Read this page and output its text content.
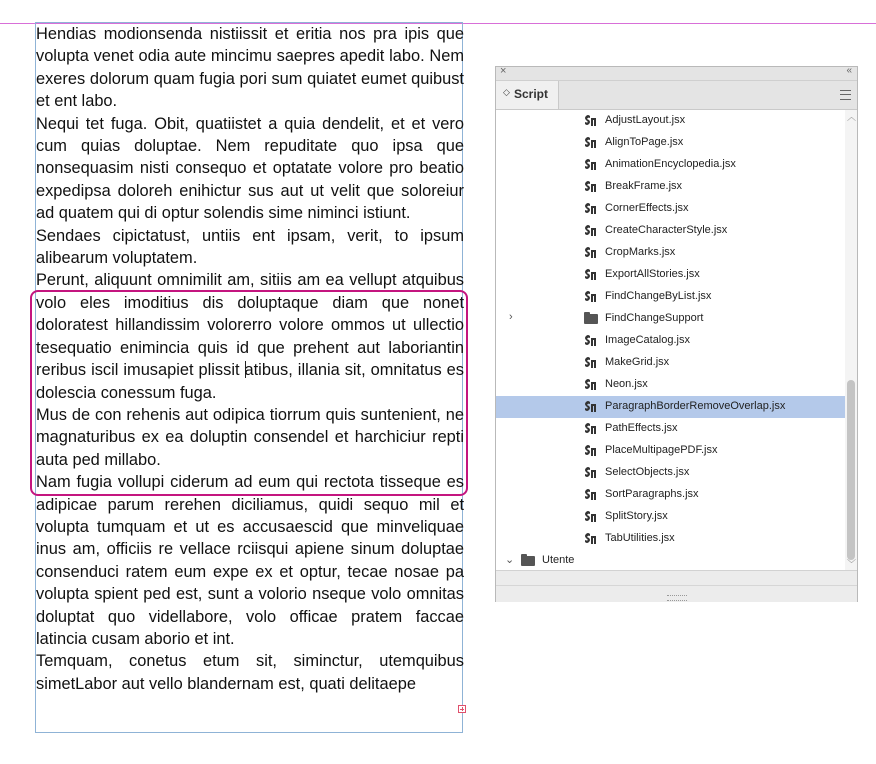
Hendias modionsenda nistiissit et eritia nos pra ipis que volupta venet odia aute mincimu saepres apedit labo. Nem exeres dolorum quam fugia pori sum quiatet eumet quibust et ent labo.

Nequi tet fuga. Obit, quatiistet a quia dendelit, et et vero cum quias doluptae. Nem repuditate quo ipsa que nonsequasim nisti consequo et optatate volore pro beatio expedipsa doloreh enihictur sus aut ut velit que soloreiur ad quatem qui di optur solendis sime niminci istiunt.

Sendaes cipictatust, untiis ent ipsam, verit, to ipsum alibearum voluptatem.

Perunt, aliquunt omnimilit am, sitiis am ea vellupt atquibus volo eles imoditius dis doluptaque diam que nonet doloratest hillandissim volorerro volore ommos ut ullectio tesequatio enimincia quis id que prehent aut laboriantin reribus iscil imusapiet plissit atibus, illania sit, omnitatus es dolescia conessum fuga.

Mus de con rehenis aut odipica tiorrum quis suntenient, ne magnaturibus ex ea doluptin consendel et harchiciur repti auta ped millabo.

Nam fugia vollupi ciderum ad eum qui rectota tisseque es adipicae parum rerehen diciliamus, quidi sequo mil et volupta tumquam et ut es accusaescid que minveliquae inus am, officiis re vellace rciisqui apiene sinum doluptae consenduci ratem eum expe ex et optur, tecae nosae pa volupta spient ped est, sunt a volorio nseque volo omnitas doluptat quo videllabore, volo officae pratem faccae latincia cusam aborio et int.

Temquam, conetus etum sit, siminctur, utemquibus simetLabor aut vello blandernam est, quati delitaepe

×	«
◇ Script
AdjustLayout.jsx
AlignToPage.jsx
AnimationEncyclopedia.jsx
BreakFrame.jsx
CornerEffects.jsx
CreateCharacterStyle.jsx
CropMarks.jsx
ExportAllStories.jsx
FindChangeByList.jsx
›	FindChangeSupport
ImageCatalog.jsx
MakeGrid.jsx
Neon.jsx
ParagraphBorderRemoveOverlap.jsx
PathEffects.jsx
PlaceMultipagePDF.jsx
SelectObjects.jsx
SortParagraphs.jsx
SplitStory.jsx
TabUtilities.jsx
⌄	Utente
︿
﹀
